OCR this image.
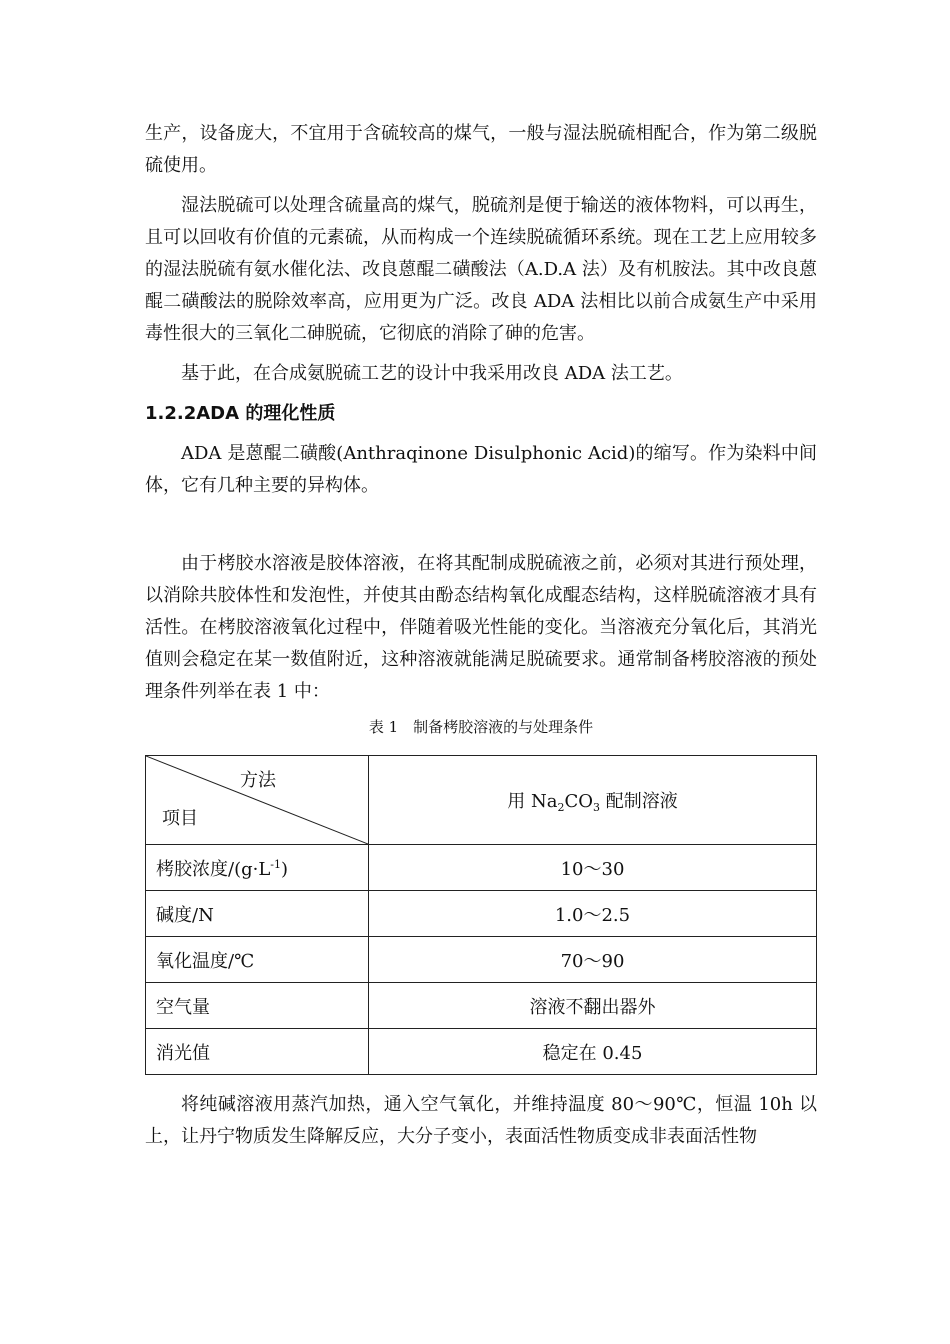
生产，设备庞大，不宜用于含硫较高的煤气，一般与湿法脱硫相配合，作为第二级脱硫使用。

湿法脱硫可以处理含硫量高的煤气，脱硫剂是便于输送的液体物料，可以再生，且可以回收有价值的元素硫，从而构成一个连续脱硫循环系统。现在工艺上应用较多的湿法脱硫有氨水催化法、改良蒽醌二磺酸法（A.D.A 法）及有机胺法。其中改良蒽醌二磺酸法的脱除效率高，应用更为广泛。改良 ADA 法相比以前合成氨生产中采用毒性很大的三氧化二砷脱硫，它彻底的消除了砷的危害。

基于此，在合成氨脱硫工艺的设计中我采用改良 ADA 法工艺。

1.2.2ADA 的理化性质

ADA 是蒽醌二磺酸(Anthraqinone Disulphonic Acid)的缩写。作为染料中间体，它有几种主要的异构体。

由于栲胶水溶液是胶体溶液，在将其配制成脱硫液之前，必须对其进行预处理，以消除共胶体性和发泡性，并使其由酚态结构氧化成醌态结构，这样脱硫溶液才具有活性。在栲胶溶液氧化过程中，伴随着吸光性能的变化。当溶液充分氧化后，其消光值则会稳定在某一数值附近，这种溶液就能满足脱硫要求。通常制备栲胶溶液的预处理条件列举在表 1 中：

表 1　制备栲胶溶液的与处理条件
方法
项目	用 $Na_2CO_3$ 配制溶液
栲胶浓度$/(g\cdot L^{-1})$	10～30
碱度/N	1.0～2.5
氧化温度/℃	70～90
空气量	溶液不翻出器外
消光值	稳定在 0.45

将纯碱溶液用蒸汽加热，通入空气氧化，并维持温度 80～90℃，恒温 10h 以上，让丹宁物质发生降解反应，大分子变小，表面活性物质变成非表面活性物
